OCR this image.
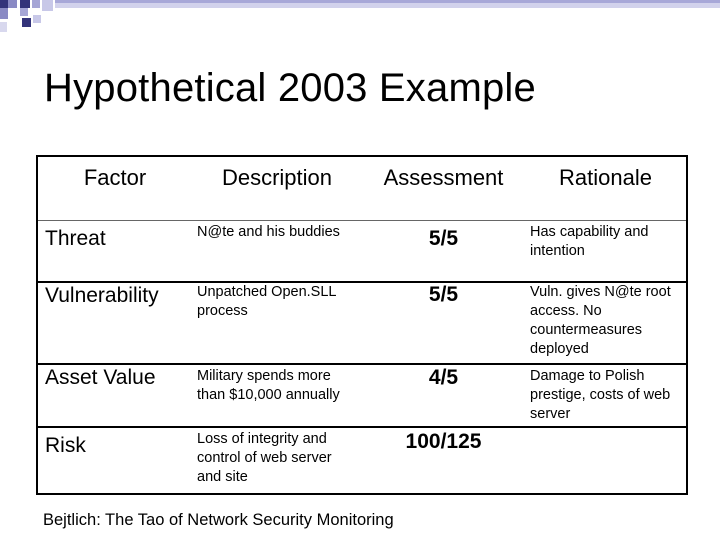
Hypothetical 2003 Example
Factor	Description	Assessment	Rationale
Threat	N@te and his buddies	5/5	Has capability and intention
Vulnerability	Unpatched Open.SLL process	5/5	Vuln. gives N@te root access. No countermeasures deployed
Asset Value	Military spends more than $10,000 annually	4/5	Damage to Polish prestige, costs of web server
Risk	Loss of integrity and control of web server and site	100/125	
Bejtlich: The Tao of Network Security Monitoring
